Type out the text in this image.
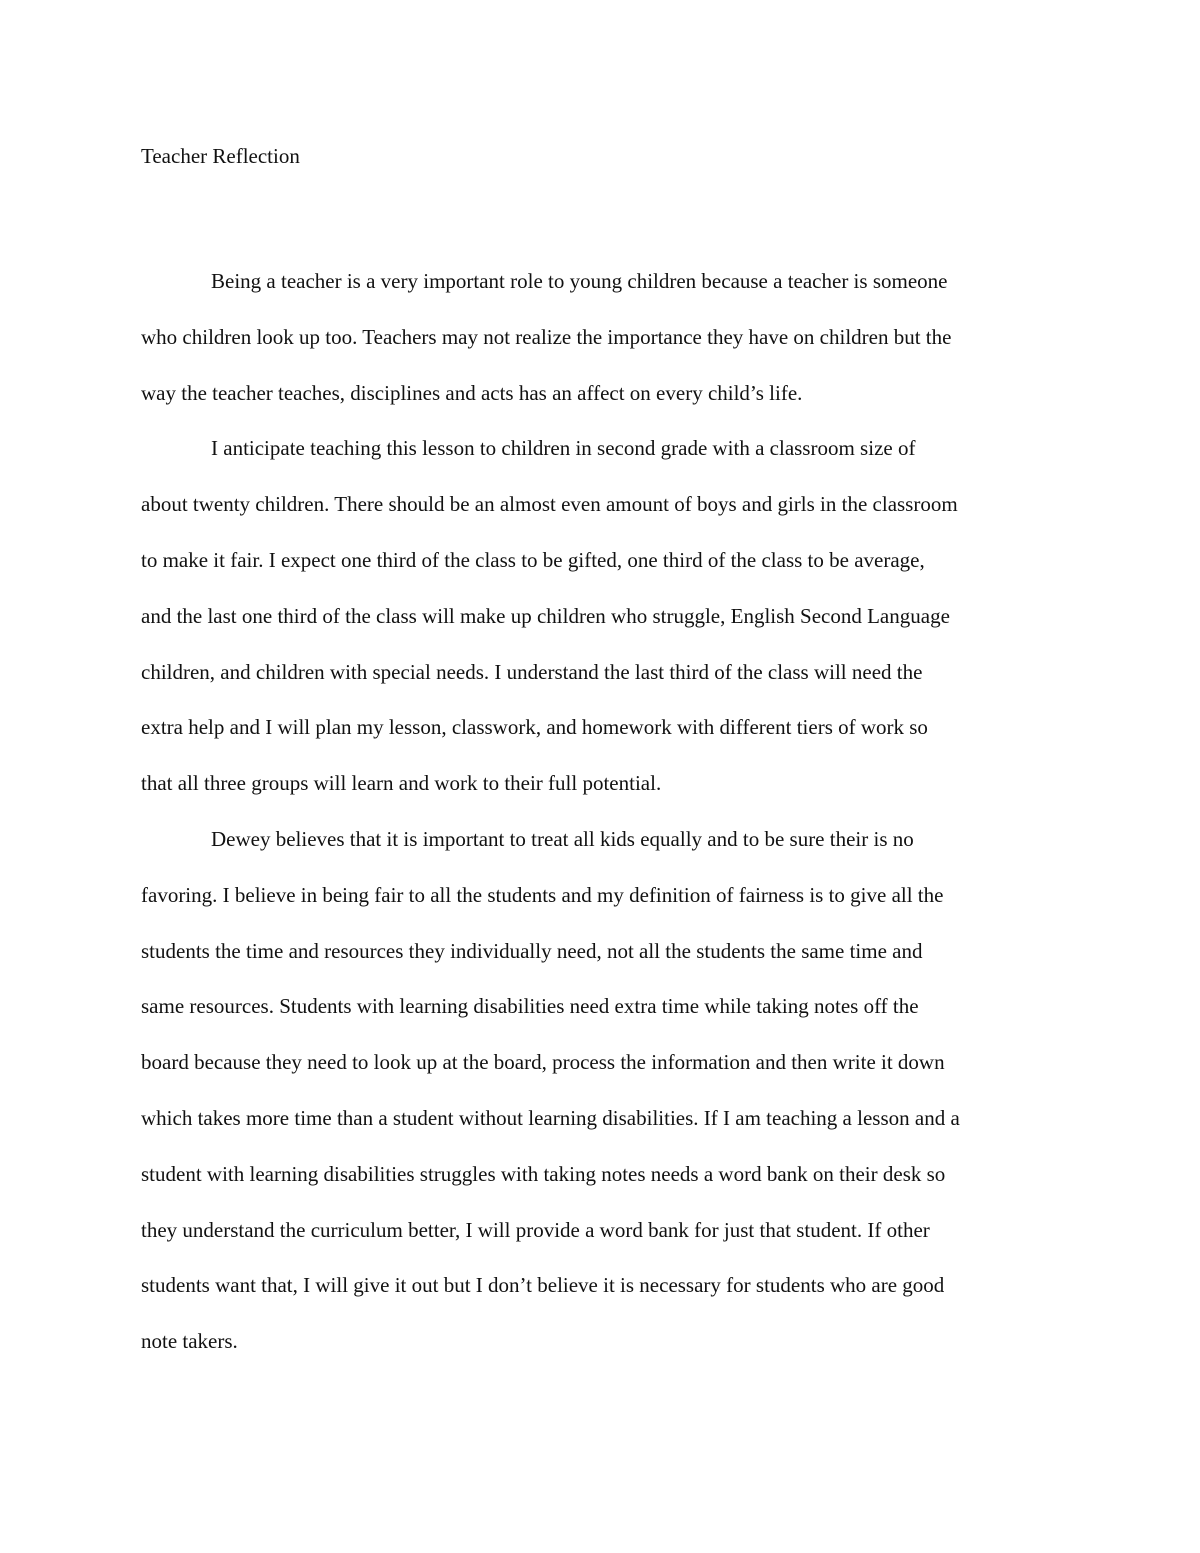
Teacher Reflection

Being a teacher is a very important role to young children because a teacher is someone
who children look up too. Teachers may not realize the importance they have on children but the
way the teacher teaches, disciplines and acts has an affect on every child’s life.

I anticipate teaching this lesson to children in second grade with a classroom size of
about twenty children. There should be an almost even amount of boys and girls in the classroom
to make it fair. I expect one third of the class to be gifted, one third of the class to be average,
and the last one third of the class will make up children who struggle, English Second Language
children, and children with special needs. I understand the last third of the class will need the
extra help and I will plan my lesson, classwork, and homework with different tiers of work so
that all three groups will learn and work to their full potential.

Dewey believes that it is important to treat all kids equally and to be sure their is no
favoring. I believe in being fair to all the students and my definition of fairness is to give all the
students the time and resources they individually need, not all the students the same time and
same resources. Students with learning disabilities need extra time while taking notes off the
board because they need to look up at the board, process the information and then write it down
which takes more time than a student without learning disabilities. If I am teaching a lesson and a
student with learning disabilities struggles with taking notes needs a word bank on their desk so
they understand the curriculum better, I will provide a word bank for just that student. If other
students want that, I will give it out but I don’t believe it is necessary for students who are good
note takers.
